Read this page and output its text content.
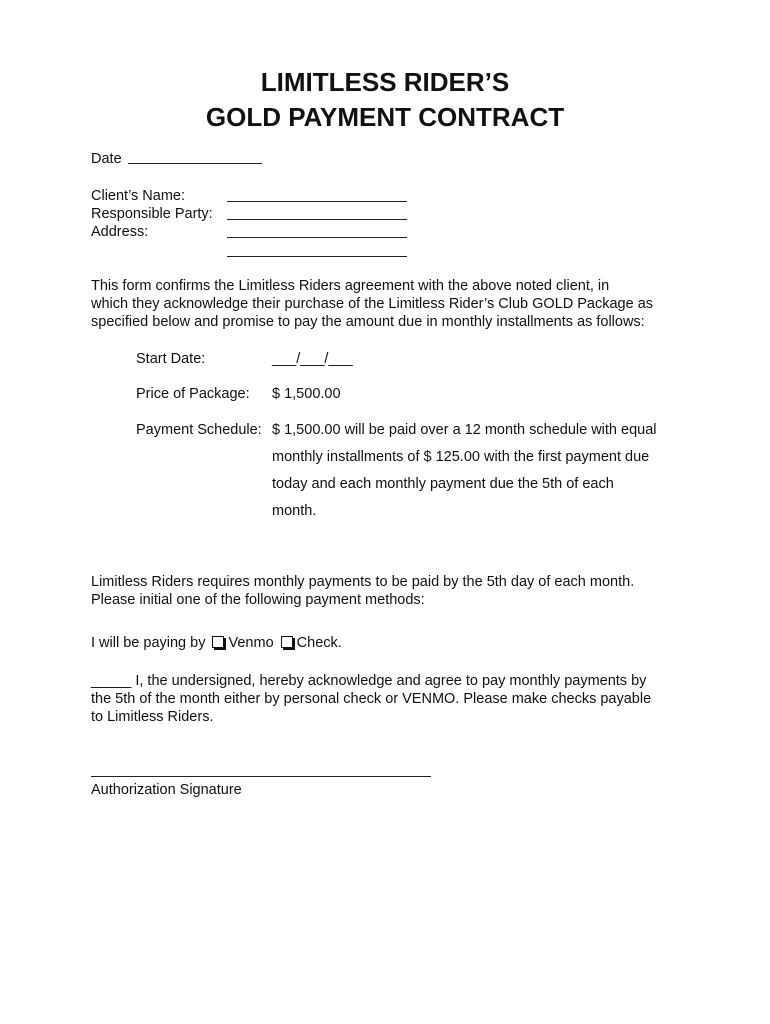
LIMITLESS RIDER’S
GOLD PAYMENT CONTRACT
Date
Client’s Name:
Responsible Party:
Address:
This form confirms the Limitless Riders agreement with the above noted client, in
which they acknowledge their purchase of the Limitless Rider’s Club GOLD Package as
specified below and promise to pay the amount due in monthly installments as follows:
Start Date:	___/___/___
Price of Package: $ 1,500.00
Payment Schedule: $ 1,500.00 will be paid over a 12 month schedule with equal
monthly installments of $ 125.00 with the first payment due
today and each monthly payment due the 5th of each
month.
Limitless Riders requires monthly payments to be paid by the 5th day of each month.
Please initial one of the following payment methods:
I will be paying by Venmo Check.
_____ I, the undersigned, hereby acknowledge and agree to pay monthly payments by
the 5th of the month either by personal check or VENMO. Please make checks payable
to Limitless Riders.
Authorization Signature
